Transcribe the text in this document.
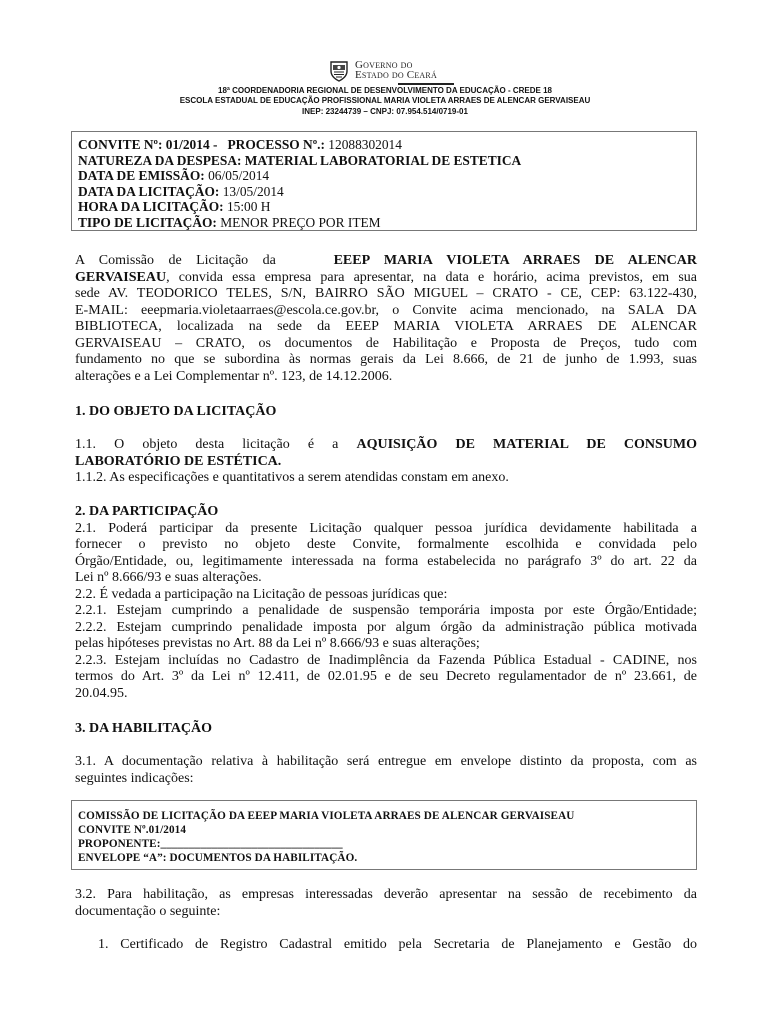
Governo do
Estado do Ceará
18ª COORDENADORIA REGIONAL DE DESENVOLVIMENTO DA EDUCAÇÃO - CREDE 18
ESCOLA ESTADUAL DE EDUCAÇÃO PROFISSIONAL MARIA VIOLETA ARRAES DE ALENCAR GERVAISEAU
INEP: 23244739 – CNPJ: 07.954.514/0719-01
CONVITE Nº: 01/2014 - PROCESSO Nº.: 12088302014
NATUREZA DA DESPESA: MATERIAL LABORATORIAL DE ESTETICA
DATA DE EMISSÃO: 06/05/2014
DATA DA LICITAÇÃO: 13/05/2014
HORA DA LICITAÇÃO: 15:00 H
TIPO DE LICITAÇÃO: MENOR PREÇO POR ITEM
A Comissão de Licitação da	EEEP MARIA VIOLETA ARRAES DE ALENCAR
GERVAISEAU, convida essa empresa para apresentar, na data e horário, acima previstos, em sua
sede AV. TEODORICO TELES, S/N, BAIRRO SÃO MIGUEL – CRATO - CE, CEP: 63.122-430,
E-MAIL: eeepmaria.violetaarraes@escola.ce.gov.br, o Convite acima mencionado, na SALA DA
BIBLIOTECA, localizada na sede da EEEP MARIA VIOLETA ARRAES DE ALENCAR
GERVAISEAU – CRATO, os documentos de Habilitação e Proposta de Preços, tudo com
fundamento no que se subordina às normas gerais da Lei 8.666, de 21 de junho de 1.993, suas
alterações e a Lei Complementar nº. 123, de 14.12.2006.
1. DO OBJETO DA LICITAÇÃO
1.1. O objeto desta licitação é a AQUISIÇÃO DE MATERIAL DE CONSUMO
LABORATÓRIO DE ESTÉTICA.
1.1.2. As especificações e quantitativos a serem atendidas constam em anexo.
2. DA PARTICIPAÇÃO
2.1. Poderá participar da presente Licitação qualquer pessoa jurídica devidamente habilitada a
fornecer o previsto no objeto deste Convite, formalmente escolhida e convidada pelo
Órgão/Entidade, ou, legitimamente interessada na forma estabelecida no parágrafo 3º do art. 22 da
Lei nº 8.666/93 e suas alterações.
2.2. É vedada a participação na Licitação de pessoas jurídicas que:
2.2.1. Estejam cumprindo a penalidade de suspensão temporária imposta por este Órgão/Entidade;
2.2.2. Estejam cumprindo penalidade imposta por algum órgão da administração pública motivada
pelas hipóteses previstas no Art. 88 da Lei nº 8.666/93 e suas alterações;
2.2.3. Estejam incluídas no Cadastro de Inadimplência da Fazenda Pública Estadual - CADINE, nos
termos do Art. 3º da Lei nº 12.411, de 02.01.95 e de seu Decreto regulamentador de nº 23.661, de
20.04.95.
3. DA HABILITAÇÃO
3.1. A documentação relativa à habilitação será entregue em envelope distinto da proposta, com as
seguintes indicações:
COMISSÃO DE LICITAÇÃO DA EEEP MARIA VIOLETA ARRAES DE ALENCAR GERVAISEAU
CONVITE Nº.01/2014
PROPONENTE:________________________________
ENVELOPE “A”: DOCUMENTOS DA HABILITAÇÃO.
3.2. Para habilitação, as empresas interessadas deverão apresentar na sessão de recebimento da
documentação o seguinte:
1. Certificado de Registro Cadastral emitido pela Secretaria de Planejamento e Gestão do
